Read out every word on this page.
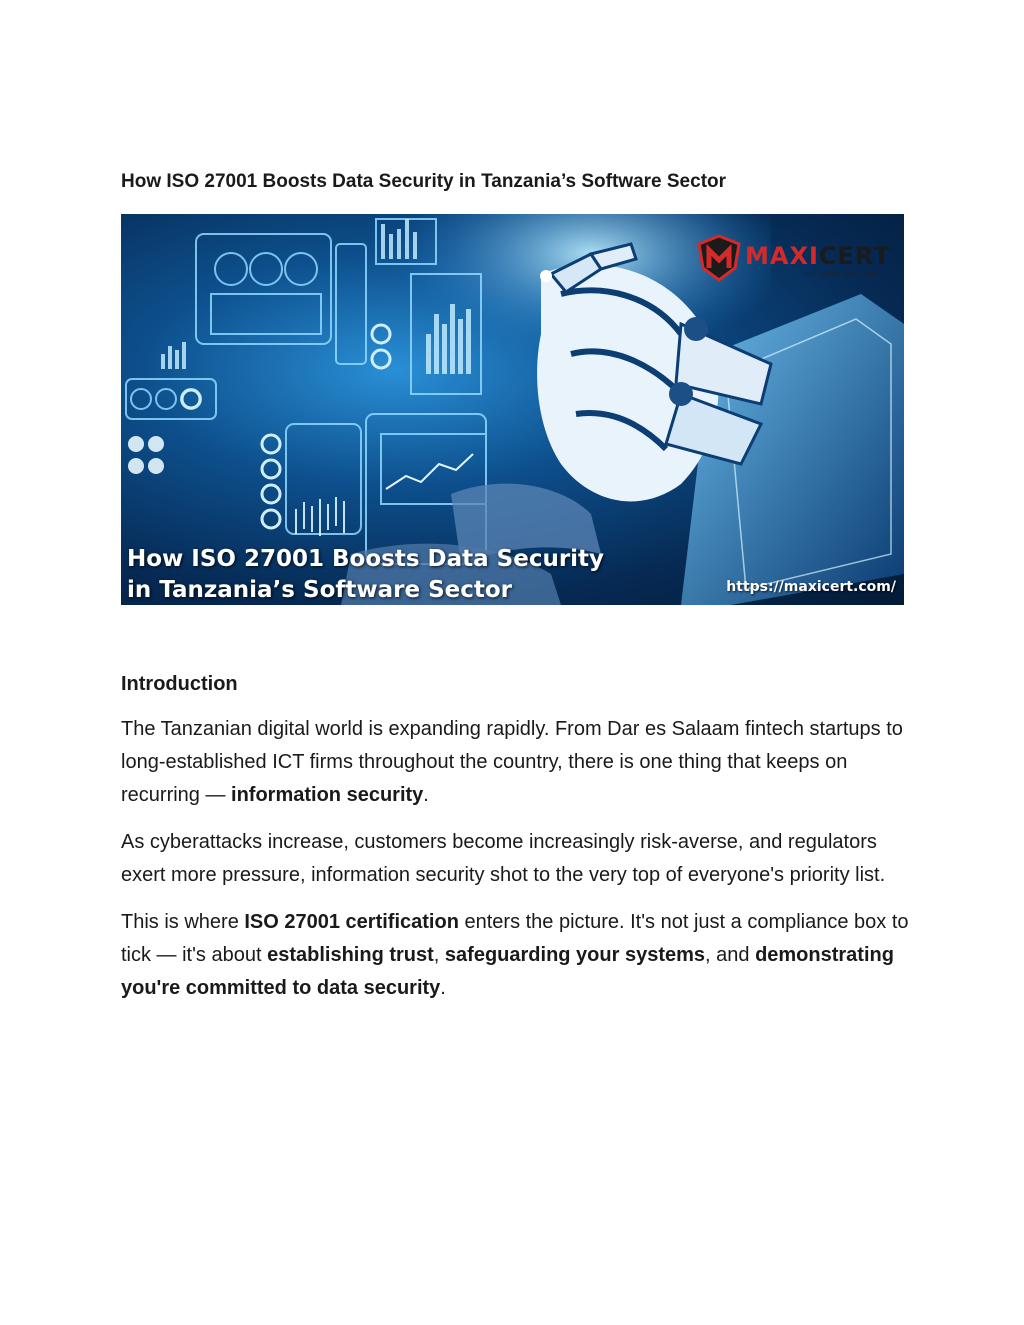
How ISO 27001 Boosts Data Security in Tanzania’s Software Sector
MAXICERT
ENTERPRISE SOLUTIONS
How ISO 27001 Boosts Data Security
in Tanzania’s Software Sector	https://maxicert.com/
Introduction

The Tanzanian digital world is expanding rapidly. From Dar es Salaam fintech startups to long-established ICT firms throughout the country, there is one thing that keeps on recurring — information security.

As cyberattacks increase, customers become increasingly risk-averse, and regulators exert more pressure, information security shot to the very top of everyone's priority list.

This is where ISO 27001 certification enters the picture. It's not just a compliance box to tick — it's about establishing trust, safeguarding your systems, and demonstrating you're committed to data security.
